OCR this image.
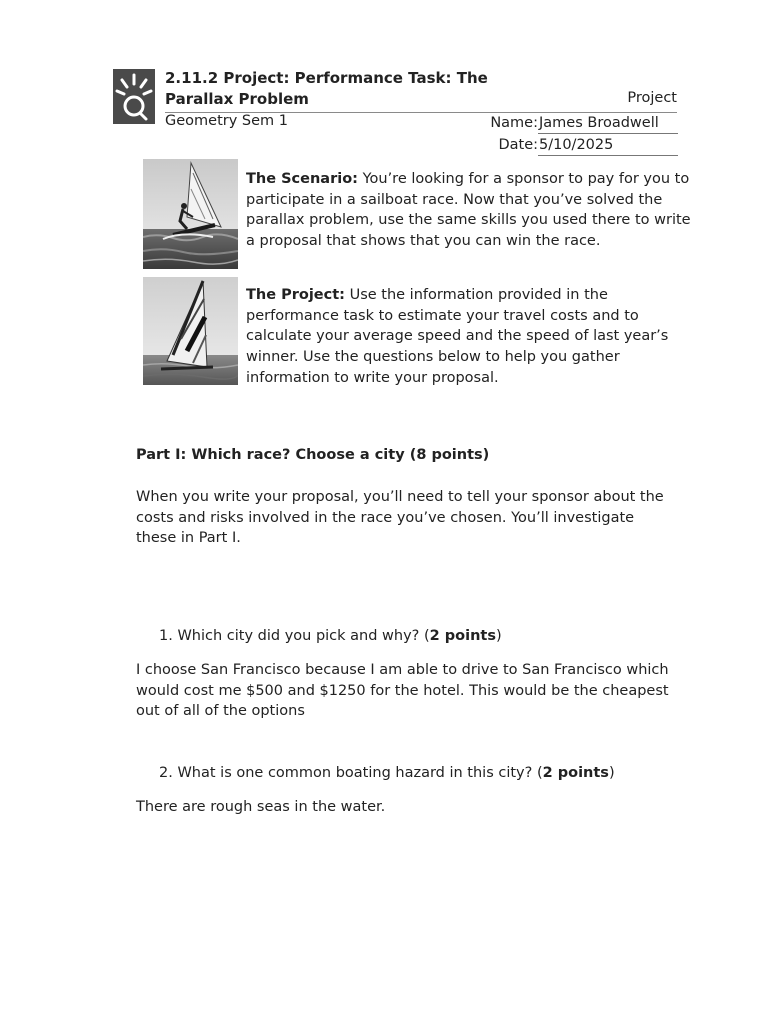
2.11.2 Project: Performance Task: The Parallax Problem	Project
Geometry Sem 1	Name: James Broadwell
Date: 5/10/2025
The Scenario: You’re looking for a sponsor to pay for you to participate in a sailboat race. Now that you’ve solved the parallax problem, use the same skills you used there to write a proposal that shows that you can win the race.
The Project: Use the information provided in the performance task to estimate your travel costs and to calculate your average speed and the speed of last year’s winner. Use the questions below to help you gather information to write your proposal.
Part I: Which race? Choose a city (8 points)
When you write your proposal, you’ll need to tell your sponsor about the costs and risks involved in the race you’ve chosen. You’ll investigate these in Part I.
1. Which city did you pick and why? (2 points)
I choose San Francisco because I am able to drive to San Francisco which would cost me $500 and $1250 for the hotel. This would be the cheapest out of all of the options
2. What is one common boating hazard in this city? (2 points)
There are rough seas in the water.
